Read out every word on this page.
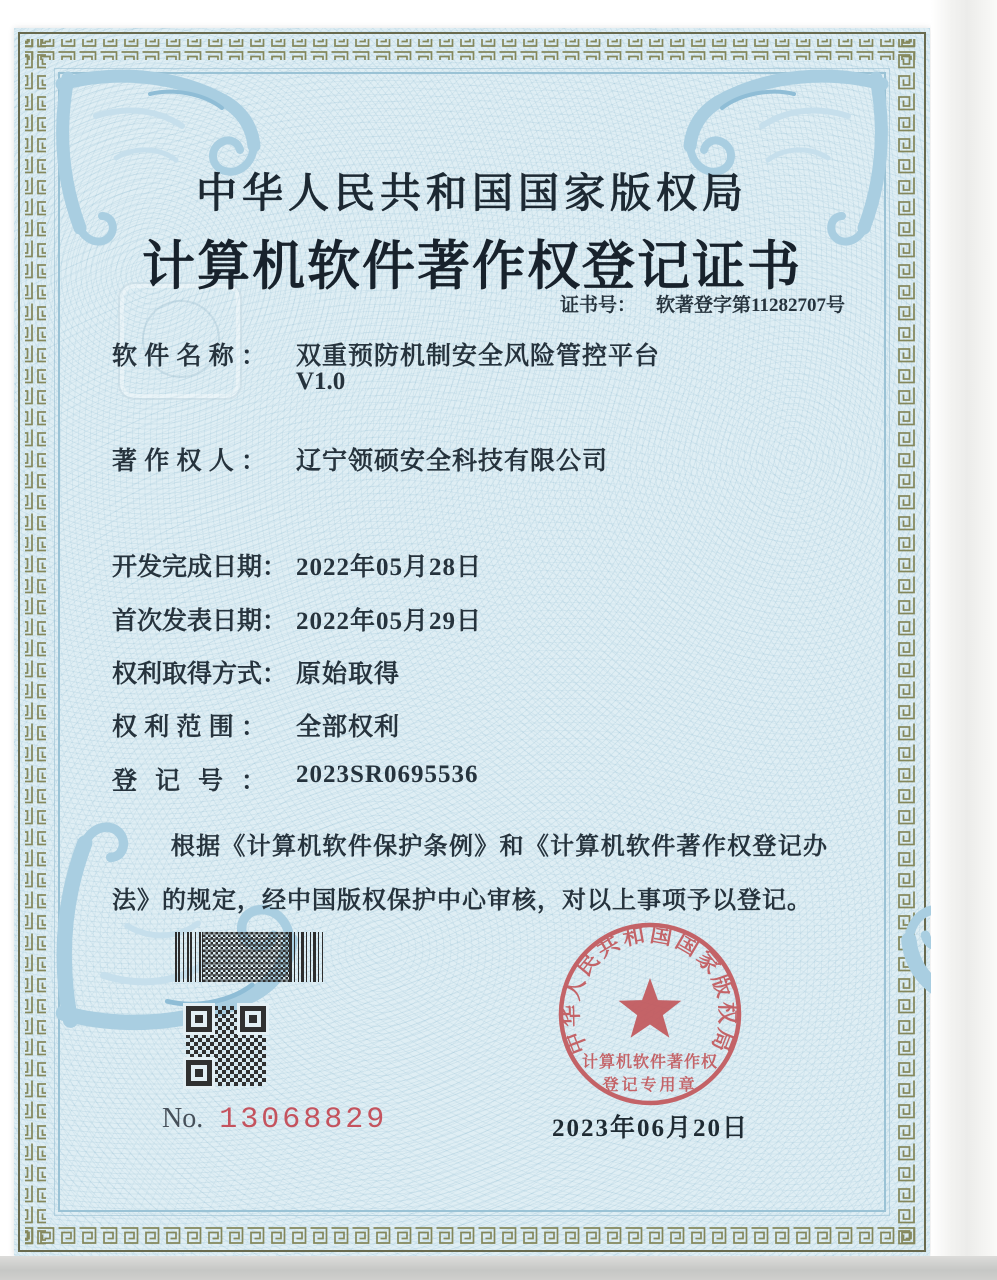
中华人民共和国国家版权局
计算机软件著作权登记证书
证书号： 软著登字第11282707号
软件名称： 双重预防机制安全风险管控平台
V1.0
著作权人： 辽宁领硕安全科技有限公司
开发完成日期： 2022年05月28日
首次发表日期： 2022年05月29日
权利取得方式： 原始取得
权利范围： 全部权利
登记号： 2023SR0695536
根据《计算机软件保护条例》和《计算机软件著作权登记办法》的规定，经中国版权保护中心审核，对以上事项予以登记。
No. 13068829
中华人民共和国国家版权局
计算机软件著作权
登记专用章
2023年06月20日
